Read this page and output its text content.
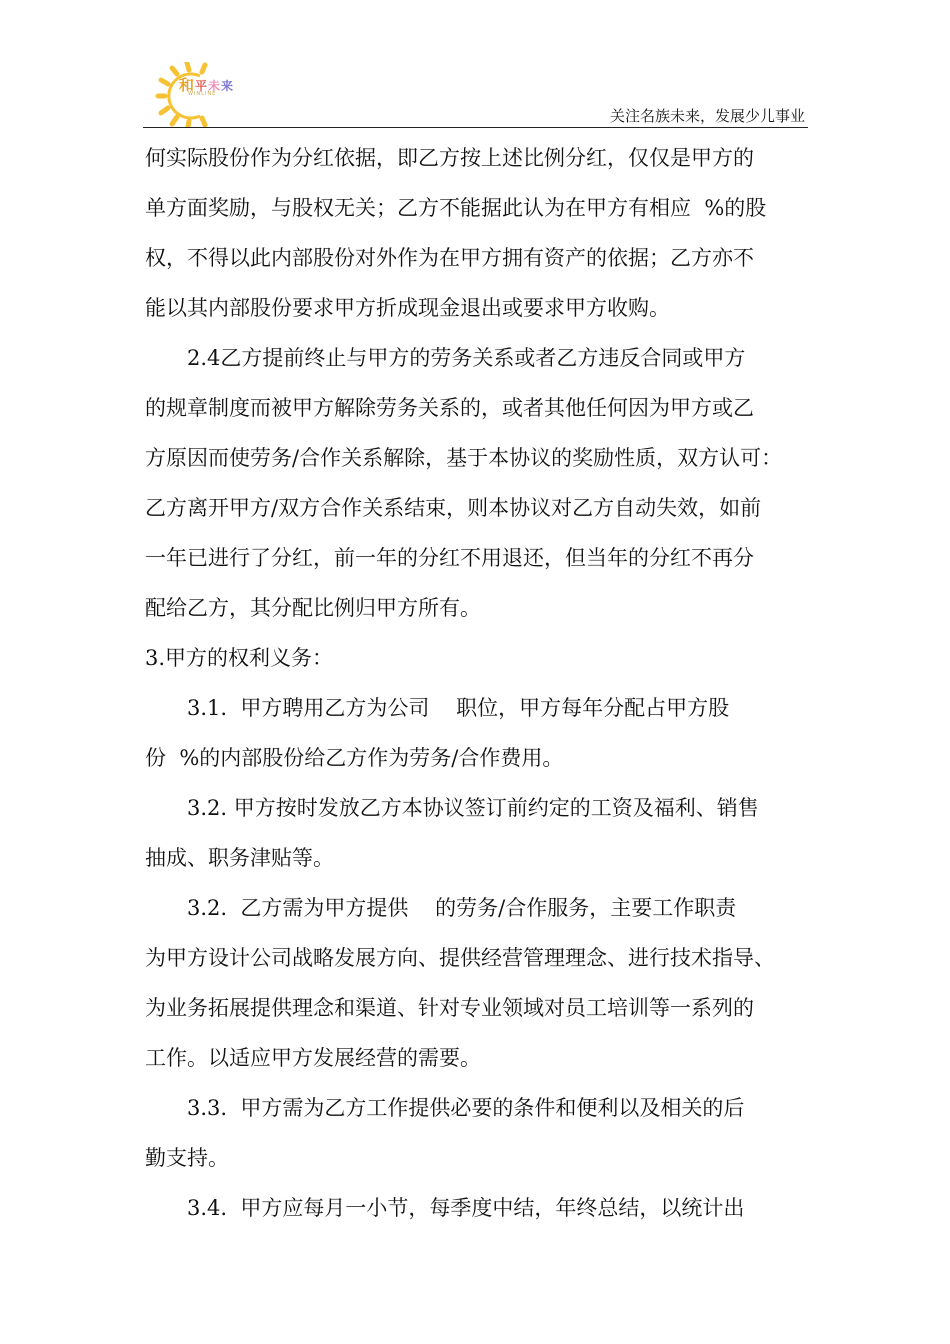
和平未来
WINLINE
关注名族未来，发展少儿事业
何实际股份作为分红依据，即乙方按上述比例分红，仅仅是甲方的
单方面奖励，与股权无关；乙方不能据此认为在甲方有相应  %的股
权，不得以此内部股份对外作为在甲方拥有资产的依据；乙方亦不
能以其内部股份要求甲方折成现金退出或要求甲方收购。
2.4乙方提前终止与甲方的劳务关系或者乙方违反合同或甲方
的规章制度而被甲方解除劳务关系的，或者其他任何因为甲方或乙
方原因而使劳务/合作关系解除，基于本协议的奖励性质，双方认可：
乙方离开甲方/双方合作关系结束，则本协议对乙方自动失效，如前
一年已进行了分红，前一年的分红不用退还，但当年的分红不再分
配给乙方，其分配比例归甲方所有。
3.甲方的权利义务：
3.1.  甲方聘用乙方为公司    职位，甲方每年分配占甲方股
份  %的内部股份给乙方作为劳务/合作费用。
3.2. 甲方按时发放乙方本协议签订前约定的工资及福利、销售
抽成、职务津贴等。
3.2.  乙方需为甲方提供    的劳务/合作服务，主要工作职责
为甲方设计公司战略发展方向、提供经营管理理念、进行技术指导、
为业务拓展提供理念和渠道、针对专业领域对员工培训等一系列的
工作。以适应甲方发展经营的需要。
3.3.  甲方需为乙方工作提供必要的条件和便利以及相关的后
勤支持。
3.4.  甲方应每月一小节，每季度中结，年终总结，以统计出
